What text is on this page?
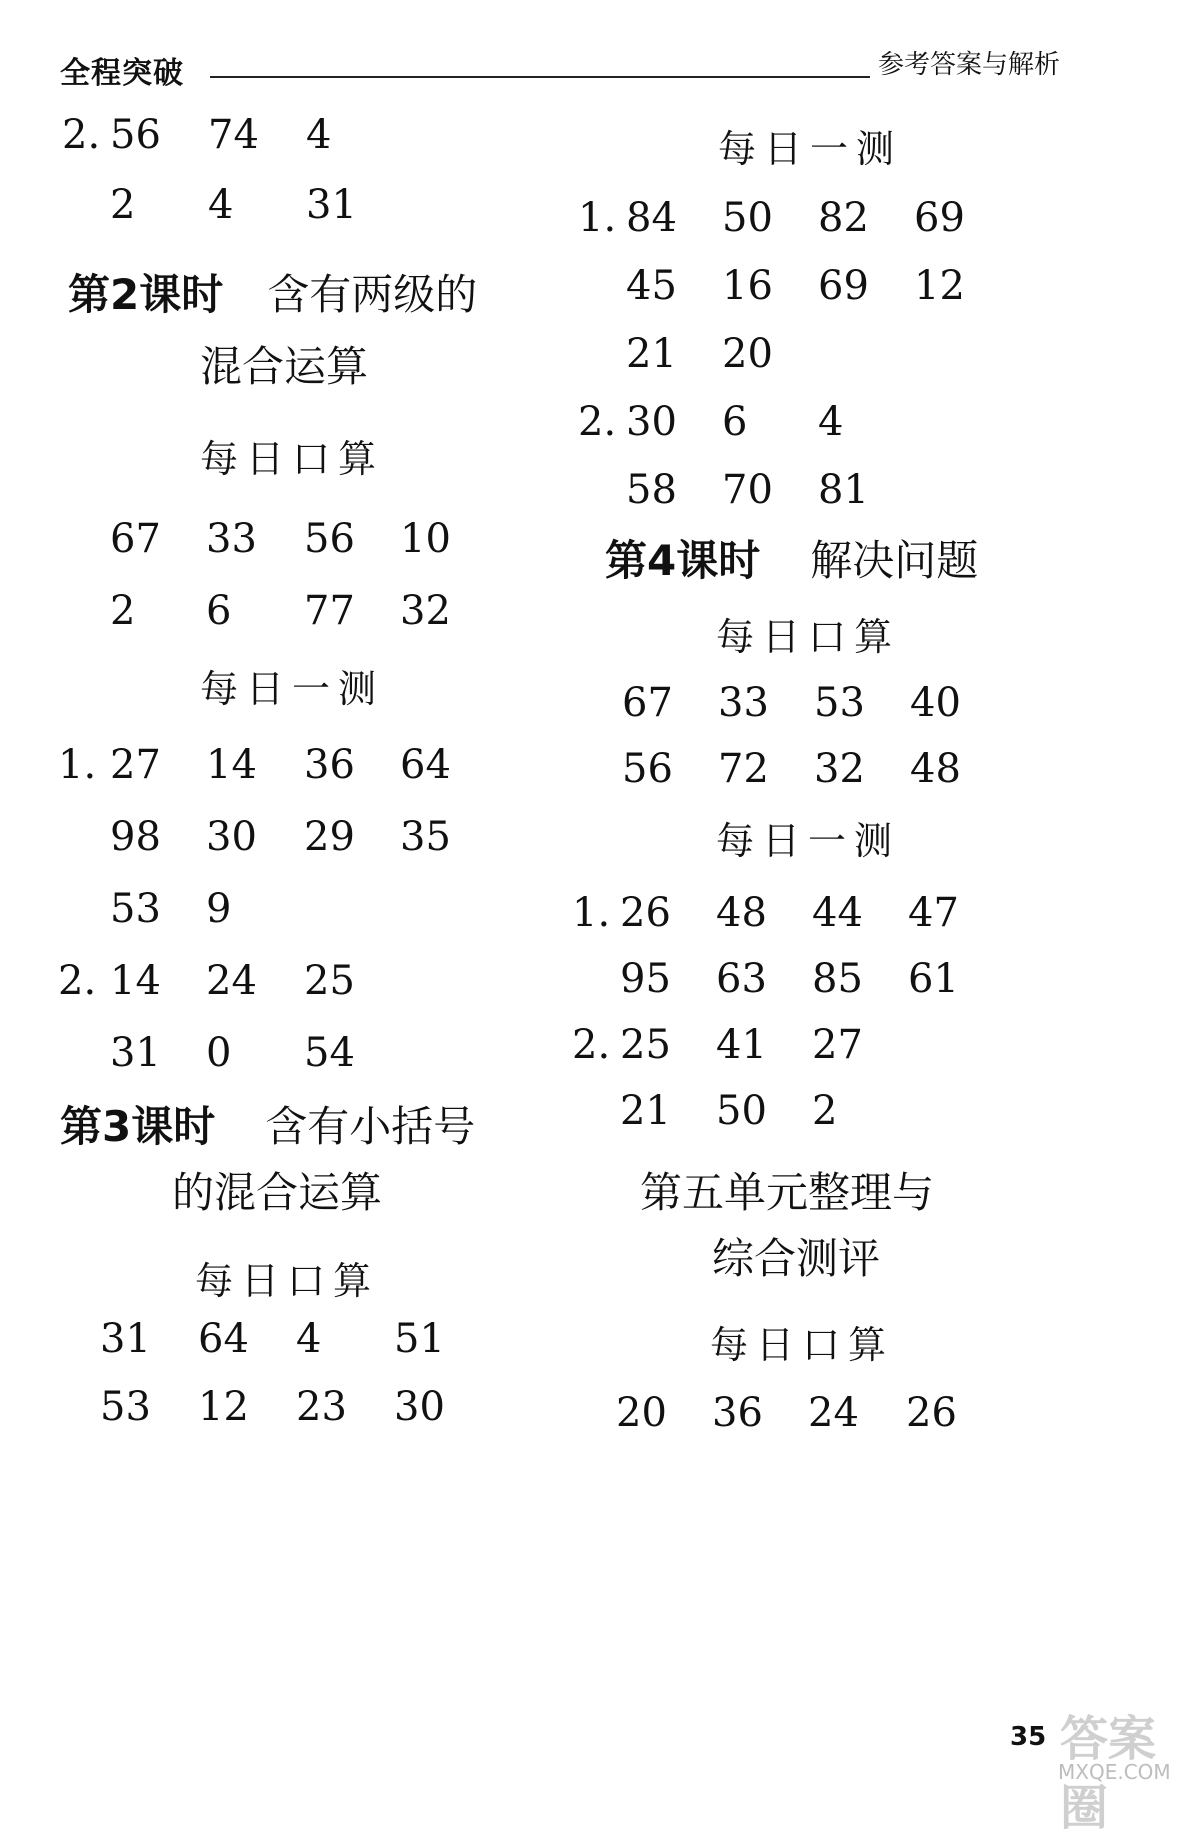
全程突破	参考答案与解析
2. 56 74 4
2 4 31
第2课时 含有两级的
混合运算
每日口算
67 33 56 10
2 6 77 32
每日一测
1. 27 14 36 64
98 30 29 35
53 9
2. 14 24 25
31 0 54
第3课时 含有小括号
的混合运算
每日口算
31 64 4 51
53 12 23 30
每日一测
1. 84 50 82 69
45 16 69 12
21 20
2. 30 6 4
58 70 81
第4课时 解决问题
每日口算
67 33 53 40
56 72 32 48
每日一测
1. 26 48 44 47
95 63 85 61
2. 25 41 27
21 50 2
第五单元整理与
综合测评
每日口算
20 36 24 26
35 答案圈
MXQE.COM
